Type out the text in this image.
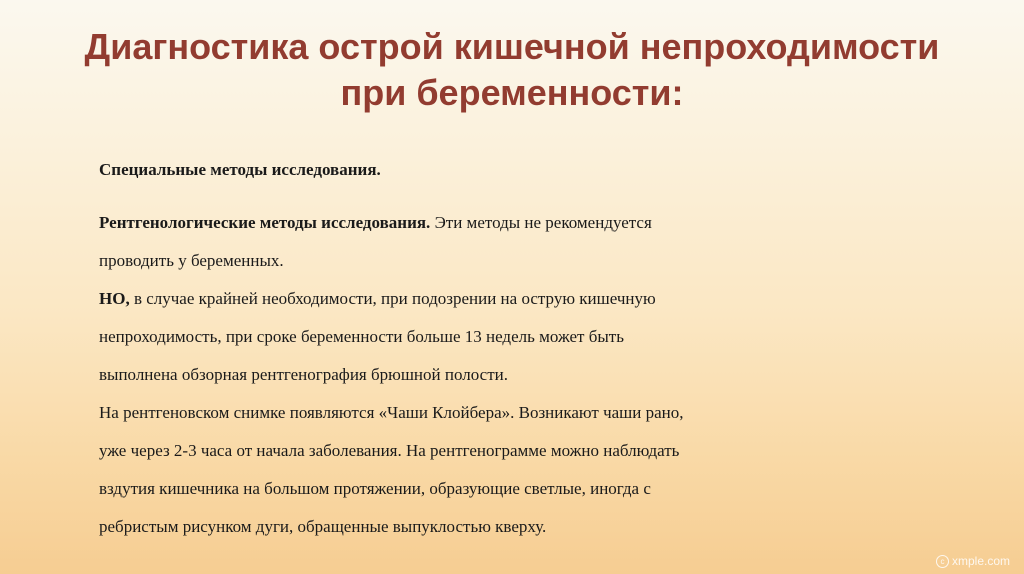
Диагностика острой кишечной непроходимости
при беременности:
Специальные методы исследования.
Рентгенологические методы исследования. Эти методы не рекомендуется
проводить у беременных.
НО, в случае крайней необходимости, при подозрении на острую кишечную
непроходимость, при сроке беременности больше 13 недель может быть
выполнена обзорная рентгенография брюшной полости.
На рентгеновском снимке появляются «Чаши Клойбера». Возникают чаши рано,
уже через 2-3 часа от начала заболевания. На рентгенограмме можно наблюдать
вздутия кишечника на большом протяжении, образующие светлые, иногда с
ребристым рисунком дуги, обращенные выпуклостью кверху.
c xmple.com
